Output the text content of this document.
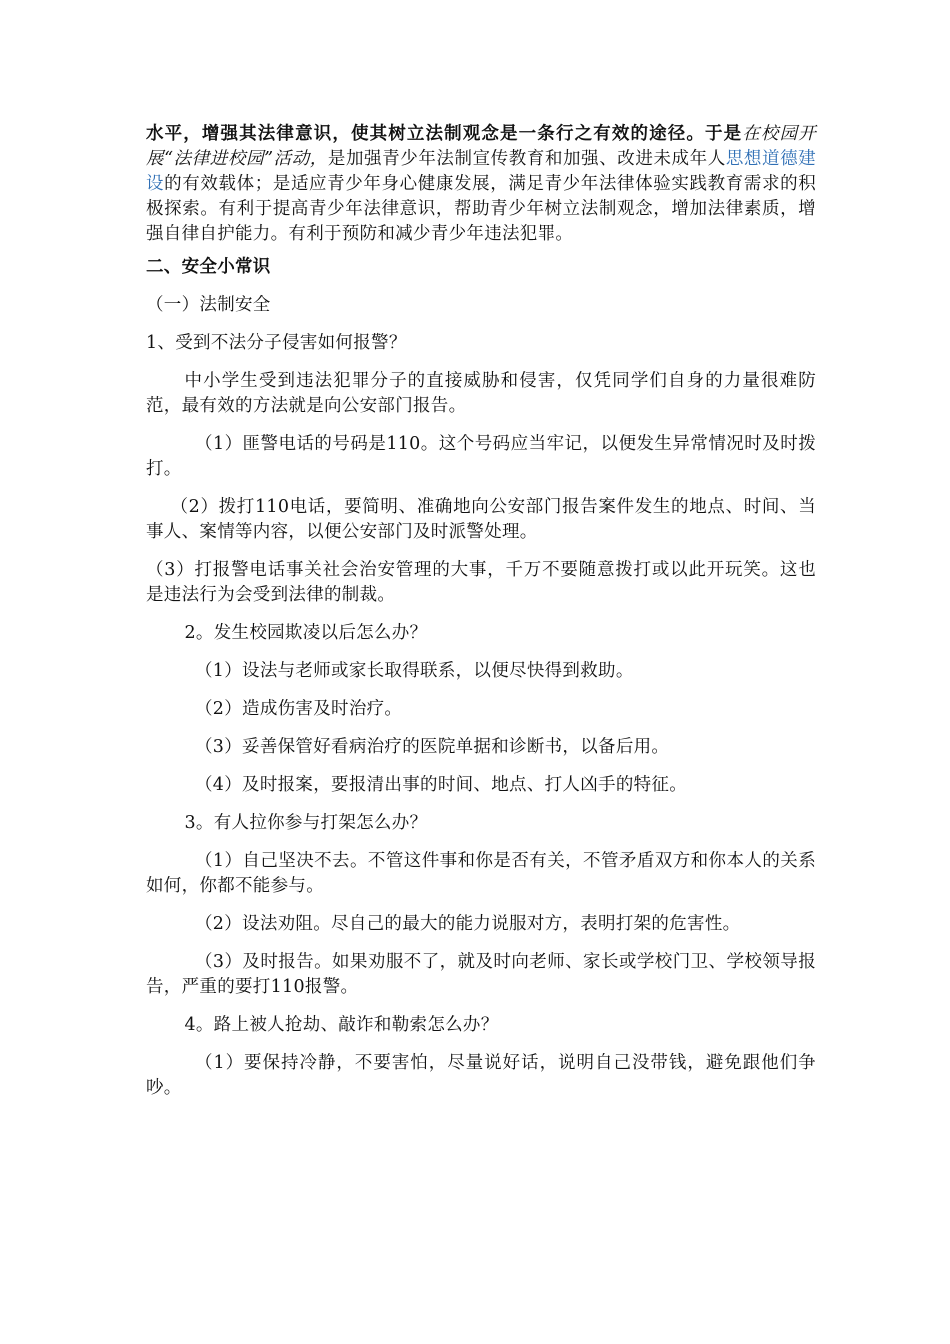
水平，增强其法律意识，使其树立法制观念是一条行之有效的途径。于是在校园开展“法律进校园”活动，是加强青少年法制宣传教育和加强、改进未成年人思想道德建设的有效载体；是适应青少年身心健康发展，满足青少年法律体验实践教育需求的积极探索。有利于提高青少年法律意识，帮助青少年树立法制观念，增加法律素质，增强自律自护能力。有利于预防和减少青少年违法犯罪。

二、安全小常识

（一）法制安全

1、受到不法分子侵害如何报警？

中小学生受到违法犯罪分子的直接威胁和侵害，仅凭同学们自身的力量很难防范，最有效的方法就是向公安部门报告。

（1）匪警电话的号码是110。这个号码应当牢记，以便发生异常情况时及时拨打。

（2）拨打110电话，要简明、准确地向公安部门报告案件发生的地点、时间、当事人、案情等内容，以便公安部门及时派警处理。

（3）打报警电话事关社会治安管理的大事，千万不要随意拨打或以此开玩笑。这也是违法行为会受到法律的制裁。

2。发生校园欺凌以后怎么办？

（1）设法与老师或家长取得联系，以便尽快得到救助。

（2）造成伤害及时治疗。

（3）妥善保管好看病治疗的医院单据和诊断书，以备后用。

（4）及时报案，要报清出事的时间、地点、打人凶手的特征。

3。有人拉你参与打架怎么办？

（1）自己坚决不去。不管这件事和你是否有关，不管矛盾双方和你本人的关系如何，你都不能参与。

（2）设法劝阻。尽自己的最大的能力说服对方，表明打架的危害性。

（3）及时报告。如果劝服不了，就及时向老师、家长或学校门卫、学校领导报告，严重的要打110报警。

4。路上被人抢劫、敲诈和勒索怎么办？

（1）要保持冷静，不要害怕，尽量说好话，说明自己没带钱，避免跟他们争吵。
